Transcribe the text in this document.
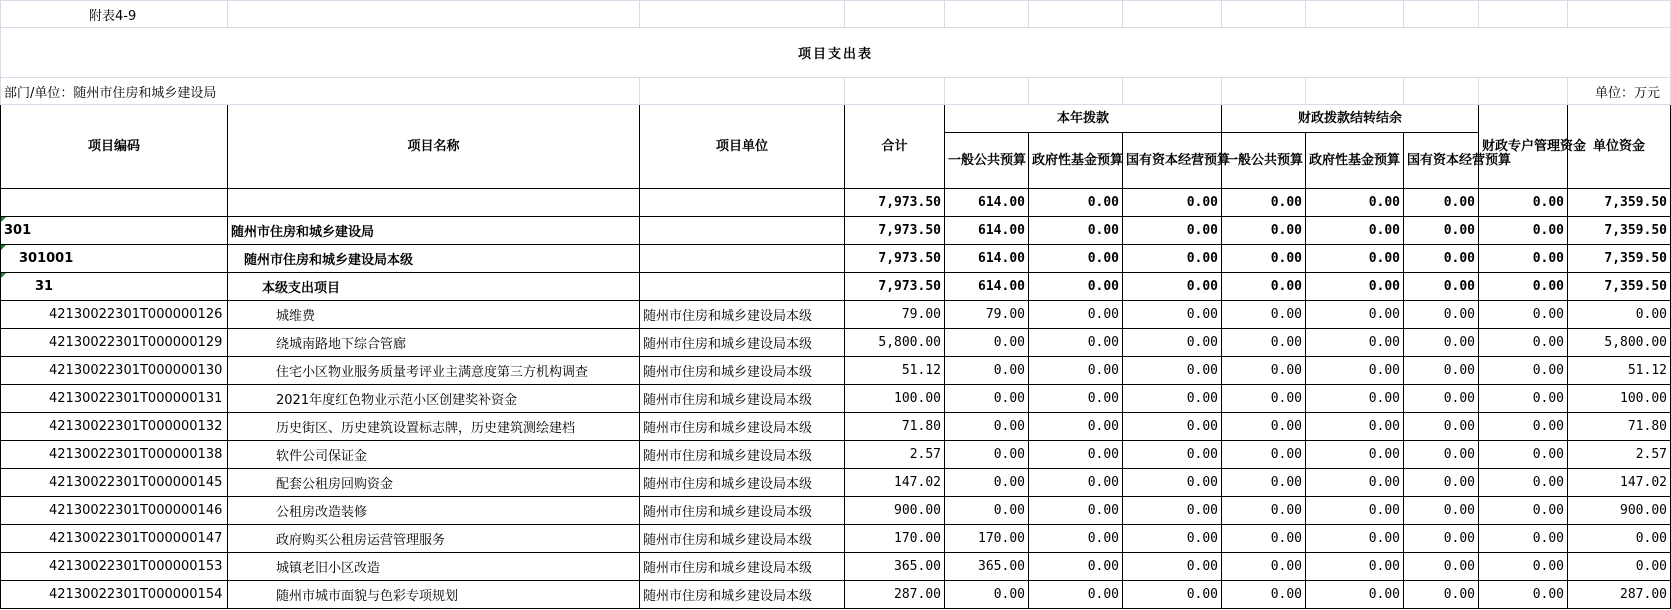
附表4-9											
项目支出表											
部门/单位：随州市住房和城乡建设局											单位：万元
项目编码	项目名称	项目单位	合计	本年拨款			财政拨款结转结余			财政专户管理资金	单位资金
				一般公共预算	政府性基金预算	国有资本经营预算	一般公共预算	政府性基金预算	国有资本经营预算		
			7,973.50	614.00	0.00	0.00	0.00	0.00	0.00	0.00	7,359.50
301	随州市住房和城乡建设局		7,973.50	614.00	0.00	0.00	0.00	0.00	0.00	0.00	7,359.50
301001	随州市住房和城乡建设局本级		7,973.50	614.00	0.00	0.00	0.00	0.00	0.00	0.00	7,359.50
31	本级支出项目		7,973.50	614.00	0.00	0.00	0.00	0.00	0.00	0.00	7,359.50
42130022301T000000126	城维费	随州市住房和城乡建设局本级	79.00	79.00	0.00	0.00	0.00	0.00	0.00	0.00	0.00
42130022301T000000129	绕城南路地下综合管廊	随州市住房和城乡建设局本级	5,800.00	0.00	0.00	0.00	0.00	0.00	0.00	0.00	5,800.00
42130022301T000000130	住宅小区物业服务质量考评业主满意度第三方机构调查	随州市住房和城乡建设局本级	51.12	0.00	0.00	0.00	0.00	0.00	0.00	0.00	51.12
42130022301T000000131	2021年度红色物业示范小区创建奖补资金	随州市住房和城乡建设局本级	100.00	0.00	0.00	0.00	0.00	0.00	0.00	0.00	100.00
42130022301T000000132	历史街区、历史建筑设置标志牌，历史建筑测绘建档	随州市住房和城乡建设局本级	71.80	0.00	0.00	0.00	0.00	0.00	0.00	0.00	71.80
42130022301T000000138	软件公司保证金	随州市住房和城乡建设局本级	2.57	0.00	0.00	0.00	0.00	0.00	0.00	0.00	2.57
42130022301T000000145	配套公租房回购资金	随州市住房和城乡建设局本级	147.02	0.00	0.00	0.00	0.00	0.00	0.00	0.00	147.02
42130022301T000000146	公租房改造装修	随州市住房和城乡建设局本级	900.00	0.00	0.00	0.00	0.00	0.00	0.00	0.00	900.00
42130022301T000000147	政府购买公租房运营管理服务	随州市住房和城乡建设局本级	170.00	170.00	0.00	0.00	0.00	0.00	0.00	0.00	0.00
42130022301T000000153	城镇老旧小区改造	随州市住房和城乡建设局本级	365.00	365.00	0.00	0.00	0.00	0.00	0.00	0.00	0.00
42130022301T000000154	随州市城市面貌与色彩专项规划	随州市住房和城乡建设局本级	287.00	0.00	0.00	0.00	0.00	0.00	0.00	0.00	287.00
